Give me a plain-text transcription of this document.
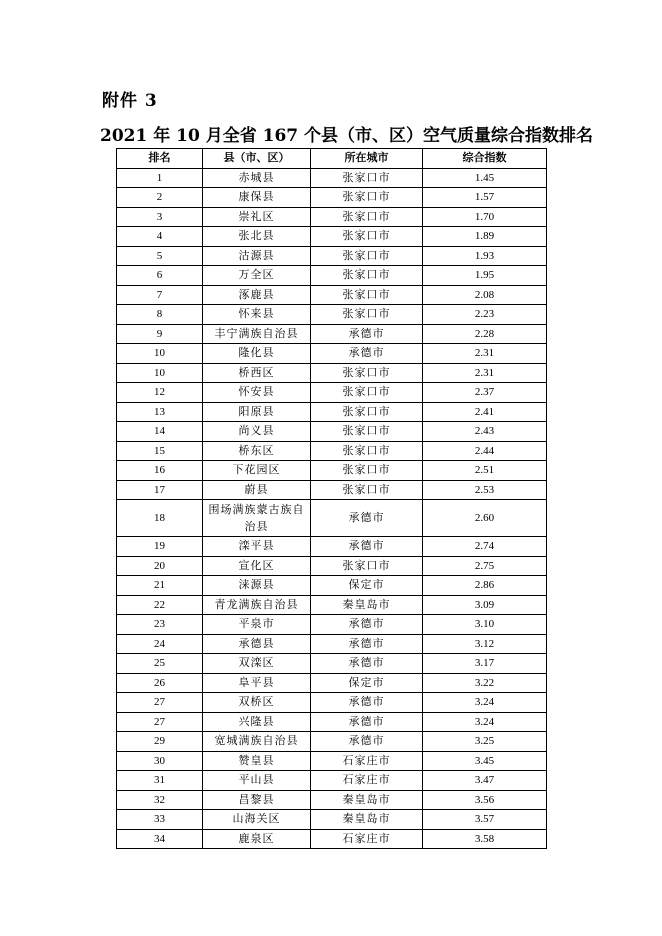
附件 3
2021 年 10 月全省 167 个县（市、区）空气质量综合指数排名
排名	县（市、区）	所在城市	综合指数
1	赤城县	张家口市	1.45
2	康保县	张家口市	1.57
3	崇礼区	张家口市	1.70
4	张北县	张家口市	1.89
5	沽源县	张家口市	1.93
6	万全区	张家口市	1.95
7	涿鹿县	张家口市	2.08
8	怀来县	张家口市	2.23
9	丰宁满族自治县	承德市	2.28
10	隆化县	承德市	2.31
10	桥西区	张家口市	2.31
12	怀安县	张家口市	2.37
13	阳原县	张家口市	2.41
14	尚义县	张家口市	2.43
15	桥东区	张家口市	2.44
16	下花园区	张家口市	2.51
17	蔚县	张家口市	2.53
18	围场满族蒙古族自治县	承德市	2.60
19	滦平县	承德市	2.74
20	宣化区	张家口市	2.75
21	涞源县	保定市	2.86
22	青龙满族自治县	秦皇岛市	3.09
23	平泉市	承德市	3.10
24	承德县	承德市	3.12
25	双滦区	承德市	3.17
26	阜平县	保定市	3.22
27	双桥区	承德市	3.24
27	兴隆县	承德市	3.24
29	宽城满族自治县	承德市	3.25
30	赞皇县	石家庄市	3.45
31	平山县	石家庄市	3.47
32	昌黎县	秦皇岛市	3.56
33	山海关区	秦皇岛市	3.57
34	鹿泉区	石家庄市	3.58
